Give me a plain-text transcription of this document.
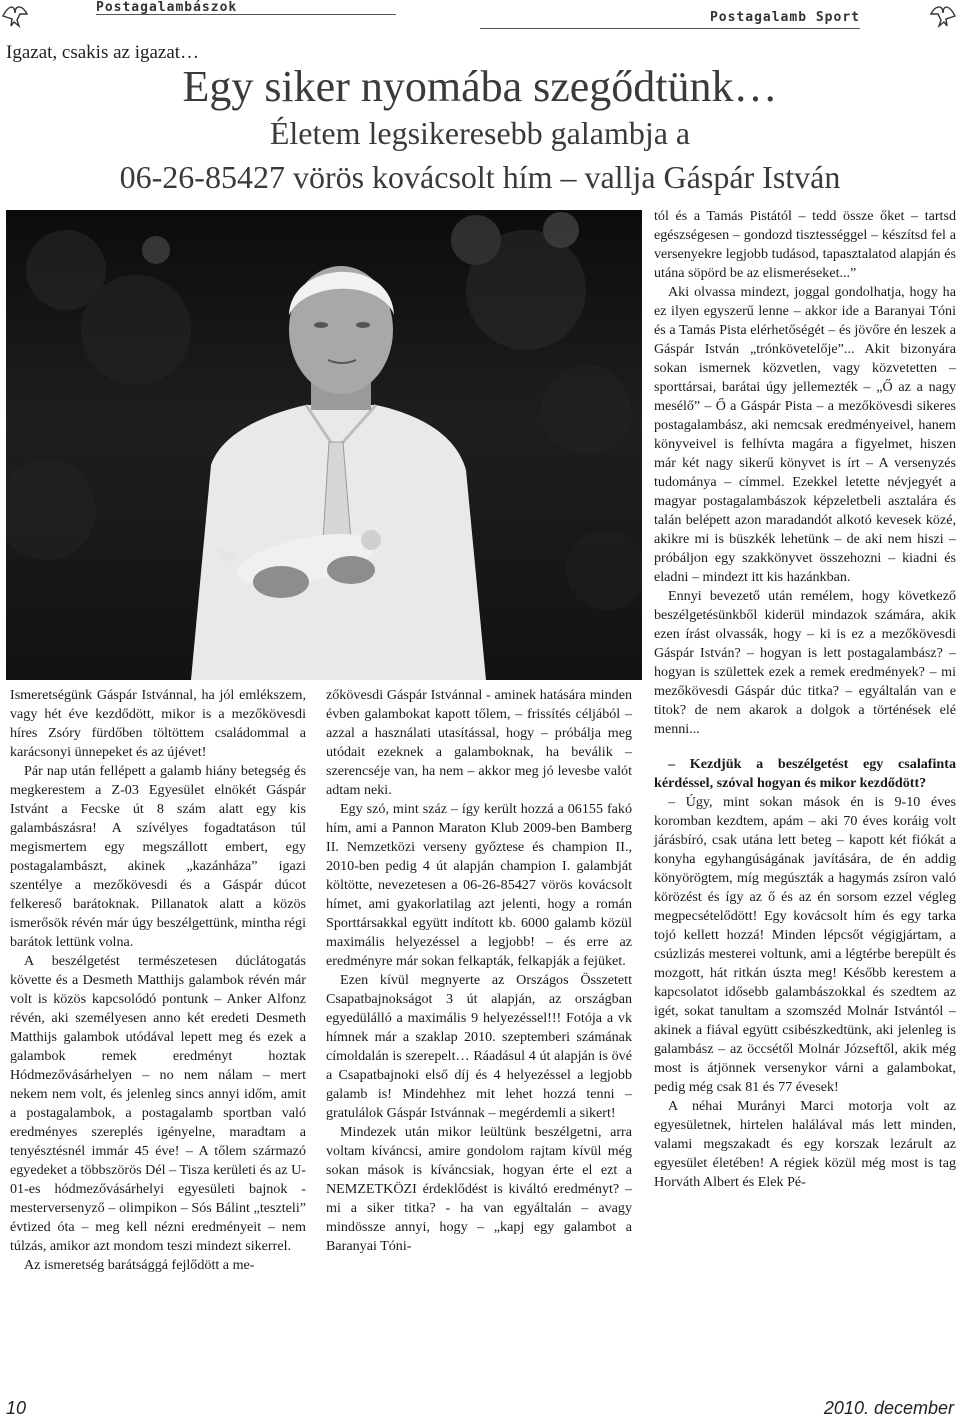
Postagalambászok
Postagalamb Sport
Igazat, csakis az igazat…
Egy siker nyomába szegődtünk…
Életem legsikeresebb galambja a
06-26-85427 vörös kovácsolt hím – vallja Gáspár István

Ismeretségünk Gáspár Istvánnal, ha jól emlékszem, vagy hét éve kezdődött, mikor is a mezőkövesdi híres Zsóry fürdőben töltöttem családommal a karácsonyi ünnepeket és az újévet!

Pár nap után fellépett a galamb hiány betegség és megkerestem a Z-03 Egyesület elnökét Gáspár Istvánt a Fecske út 8 szám alatt egy kis galambászásra! A szívélyes fogadtatáson túl megismertem egy megszállott embert, egy postagalambászt, akinek „kazánháza” igazi szentélye a mezőkövesdi és a Gáspár dúcot felkereső barátoknak. Pillanatok alatt a közös ismerősök révén már úgy beszélgettünk, mintha régi barátok lettünk volna.

A beszélgetést természetesen dúclátogatás követte és a Desmeth Matthijs galambok révén már volt is közös kapcsolódó pontunk – Anker Alfonz révén, aki személyesen anno két eredeti Desmeth Matthijs galambok utódával lepett meg és ezek a galambok remek eredményt hoztak Hódmezővásárhelyen – no nem nálam – mert nekem nem volt, és jelenleg sincs annyi időm, amit a postagalambok, a postagalamb sportban való eredményes szereplés igényelne, maradtam a tenyésztésnél immár 45 éve! – A tőlem származó egyedeket a többszörös Dél – Tisza kerületi és az U-01-es hódmezővásárhelyi egyesületi bajnok - mesterversenyző – olimpikon – Sós Bálint „teszteli” évtized óta – meg kell nézni eredményeit – nem túlzás, amikor azt mondom teszi mindezt sikerrel.

Az ismeretség barátsággá fejlődött a me-

zőkövesdi Gáspár Istvánnal - aminek hatására minden évben galambokat kapott tőlem, – frissítés céljából – azzal a használati utasítással, hogy – próbálja meg utódait ezeknek a galamboknak, ha beválik – szerencséje van, ha nem – akkor meg jó levesbe valót adtam neki.

Egy szó, mint száz – így került hozzá a 06155 fakó hím, ami a Pannon Maraton Klub 2009-ben Bamberg II. Nemzetközi verseny győztese és champion II., 2010-ben pedig 4 út alapján champion I. galambját költötte, nevezetesen a 06-26-85427 vörös kovácsolt hímet, ami gyakorlatilag azt jelenti, hogy a román Sporttársakkal együtt indított kb. 6000 galamb közül maximális helyezéssel a legjobb! – és erre az eredményre már sokan felkapták, felkapják a fejüket.

Ezen kívül megnyerte az Országos Összetett Csapatbajnokságot 3 út alapján, az országban egyedülálló a maximális 9 helyezéssel!!! Fotója a vk hímnek már a szaklap 2010. szeptemberi számának címoldalán is szerepelt… Ráadásul 4 út alapján is övé a Csapatbajnoki első díj és 4 helyezéssel a legjobb galamb is! Mindehhez mit lehet hozzá tenni – gratulálok Gáspár Istvánnak – megérdemli a sikert!

Mindezek után mikor leültünk beszélgetni, arra voltam kíváncsi, amire gondolom rajtam kívül még sokan mások is kíváncsiak, hogyan érte el ezt a NEMZETKÖZI érdeklődést is kiváltó eredményt? – mi a siker titka? - ha van egyáltalán – avagy mindössze annyi, hogy – „kapj egy galambot a Baranyai Tóni-

tól és a Tamás Pistától – tedd össze őket – tartsd egészségesen – gondozd tisztességgel – készítsd fel a versenyekre legjobb tudásod, tapasztalatod alapján és utána söpörd be az elismeréseket...”

Aki olvassa mindezt, joggal gondolhatja, hogy ha ez ilyen egyszerű lenne – akkor ide a Baranyai Tóni és a Tamás Pista elérhetőségét – és jövőre én leszek a Gáspár István „trónkövetelője”... Akit bizonyára sokan ismernek közvetlen, vagy közvetetten – sporttársai, barátai úgy jellemezték – „Ő az a nagy mesélő” – Ő a Gáspár Pista – a mezőkövesdi sikeres postagalambász, aki nemcsak eredményeivel, hanem könyveivel is felhívta magára a figyelmet, hiszen már két nagy sikerű könyvet is írt – A versenyzés tudománya – címmel. Ezekkel letette névjegyét a magyar postagalambászok képzeletbeli asztalára és talán belépett azon maradandót alkotó kevesek közé, akikre mi is büszkék lehetünk – de aki nem hiszi – próbáljon egy szakkönyvet összehozni – kiadni és eladni – mindezt itt kis hazánkban.

Ennyi bevezető után remélem, hogy következő beszélgetésünkből kiderül mindazok számára, akik ezen írást olvassák, hogy – ki is ez a mezőkövesdi Gáspár István? – hogyan is lett postagalambász? – hogyan is születtek ezek a remek eredmények? – mi mezőkövesdi Gáspár dúc titka? – egyáltalán van e titok? de nem akarok a dolgok a történések elé menni...

– Kezdjük a beszélgetést egy csalafinta kérdéssel, szóval hogyan és mikor kezdődött?

– Úgy, mint sokan mások én is 9-10 éves koromban kezdtem, apám – aki 70 éves koráig volt járásbíró, csak utána lett beteg – kapott két fiókát a konyha egyhangúságának javítására, de én addig könyörögtem, míg megúszták a hagymás zsíron való körözést és így az ő és az én sorsom ezzel végleg megpecsételődött! Egy kovácsolt hím és egy tarka tojó kellett hozzá! Minden lépcsőt végigjártam, a csúzlizás mesterei voltunk, ami a légtérbe berepült és mozgott, hát ritkán úszta meg! Később kerestem a kapcsolatot idősebb galambászokkal és szedtem az igét, sokat tanultam a szomszéd Molnár Istvántól – akinek a fiával együtt csibészkedtünk, aki jelenleg is galambász – az öccsétől Molnár Józseftől, akik még most is átjönnek versenykor várni a galambokat, pedig még csak 81 és 77 évesek!

A néhai Murányi Marci motorja volt az egyesületnek, hirtelen halálával más lett minden, valami megszakadt és egy korszak lezárult az egyesület életében! A régiek közül még most is tag Horváth Albert és Elek Pé-

10	2010. december
